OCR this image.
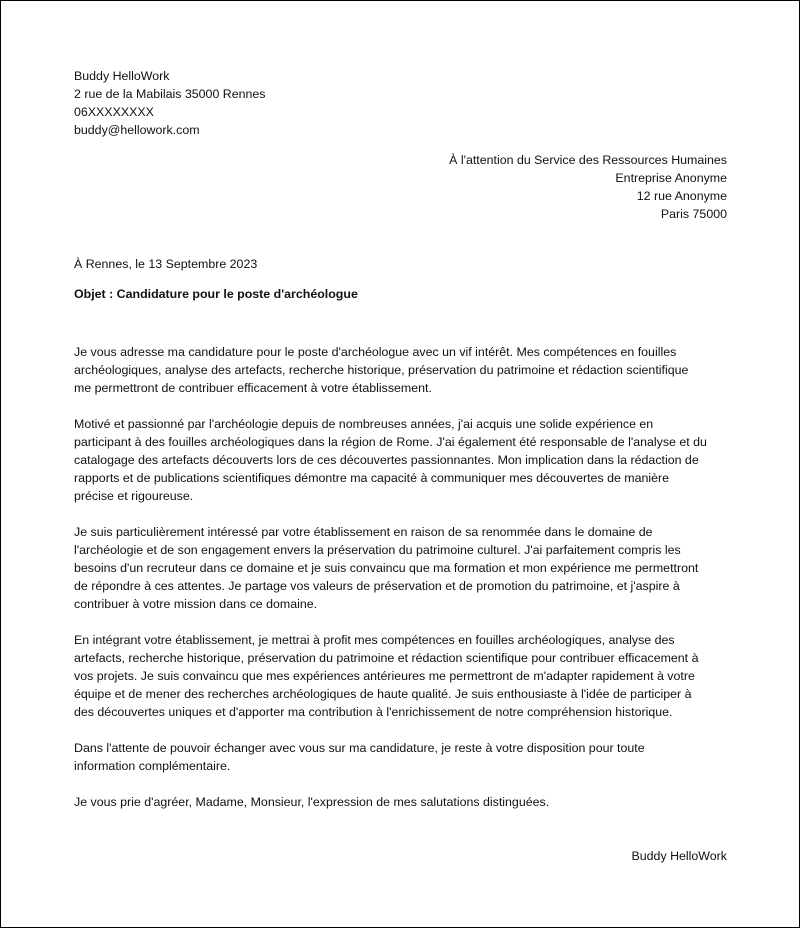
Buddy HelloWork
2 rue de la Mabilais 35000 Rennes
06XXXXXXXX
buddy@hellowork.com
À l'attention du Service des Ressources Humaines
Entreprise Anonyme
12 rue Anonyme
Paris 75000
À Rennes, le 13 Septembre 2023
Objet : Candidature pour le poste d'archéologue

Je vous adresse ma candidature pour le poste d'archéologue avec un vif intérêt. Mes compétences en fouilles
archéologiques, analyse des artefacts, recherche historique, préservation du patrimoine et rédaction scientifique
me permettront de contribuer efficacement à votre établissement.

Motivé et passionné par l'archéologie depuis de nombreuses années, j'ai acquis une solide expérience en
participant à des fouilles archéologiques dans la région de Rome. J'ai également été responsable de l'analyse et du
catalogage des artefacts découverts lors de ces découvertes passionnantes. Mon implication dans la rédaction de
rapports et de publications scientifiques démontre ma capacité à communiquer mes découvertes de manière
précise et rigoureuse.

Je suis particulièrement intéressé par votre établissement en raison de sa renommée dans le domaine de
l'archéologie et de son engagement envers la préservation du patrimoine culturel. J'ai parfaitement compris les
besoins d'un recruteur dans ce domaine et je suis convaincu que ma formation et mon expérience me permettront
de répondre à ces attentes. Je partage vos valeurs de préservation et de promotion du patrimoine, et j'aspire à
contribuer à votre mission dans ce domaine.

En intégrant votre établissement, je mettrai à profit mes compétences en fouilles archéologiques, analyse des
artefacts, recherche historique, préservation du patrimoine et rédaction scientifique pour contribuer efficacement à
vos projets. Je suis convaincu que mes expériences antérieures me permettront de m'adapter rapidement à votre
équipe et de mener des recherches archéologiques de haute qualité. Je suis enthousiaste à l'idée de participer à
des découvertes uniques et d'apporter ma contribution à l'enrichissement de notre compréhension historique.

Dans l'attente de pouvoir échanger avec vous sur ma candidature, je reste à votre disposition pour toute
information complémentaire.

Je vous prie d'agréer, Madame, Monsieur, l'expression de mes salutations distinguées.

Buddy HelloWork
